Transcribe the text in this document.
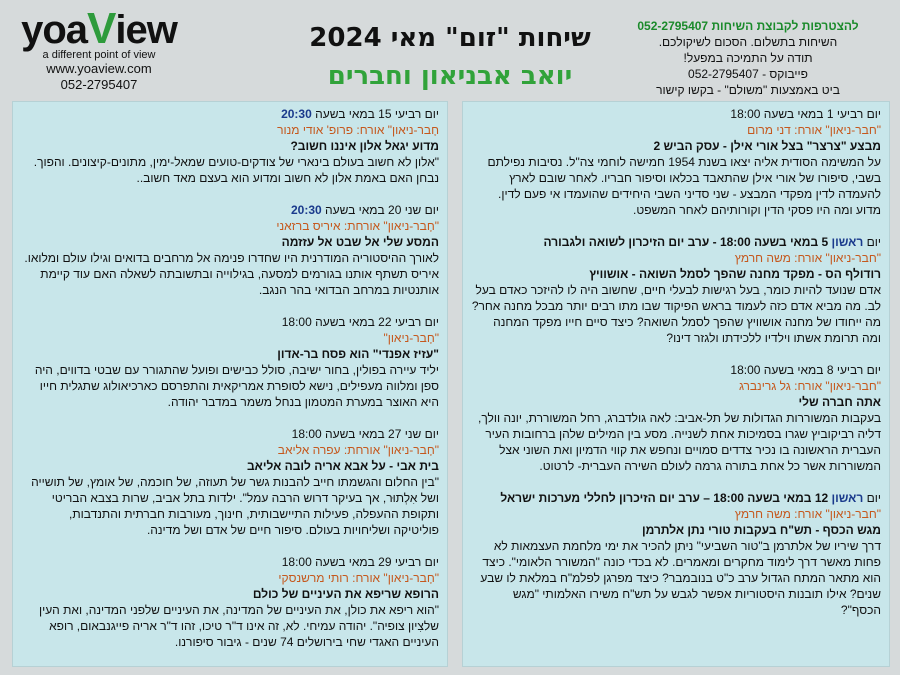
yoaView
a different point of view
www.yoaview.com
052-2795407
שיחות "זום" מאי 2024
יואב אבניאון וחברים
להצטרפות לקבוצת השיחות 052-2795407
השיחות בתשלום. הסכום לשיקולכם.
תודה על התמיכה במפעל!
פייבוקס - 052-2795407
ביט באמצעות "משולם" - בקשו קישור
יום רביעי 1 במאי בשעה 18:00
"חבר-ניאון" אורח: דני מרום
מבצע "צרצר" בצל אורי אילן - עסק הביש 2
על המשימה הסודית אליה יצאו בשנת 1954 חמישה לוחמי צה"ל. נסיבות נפילתם בשבי, סיפורו של אורי אילן שהתאבד בכלאו וסיפור חבריו. לאחר שובם לארץ להעמדה לדין מפקדי המבצע - שני סדיני השבי היחידים שהועמדו אי פעם לדין. מדוע ומה היו פסקי הדין וקורותיהם לאחר המשפט.
יום ראשון 5 במאי בשעה 18:00 - ערב יום הזיכרון לשואה ולגבורה
"חבר-ניאון" אורח: משה חרמץ
רודולף הס - מפקד מחנה שהפך לסמל השואה - אושוויץ
אדם שנועד להיות כומר, בעל רגישות לבעלי חיים, שחשוב היה לו להיזכר כאדם בעל לב. מה מביא אדם כזה לעמוד בראש הפיקוד שבו מתו רבים יותר מבכל מחנה אחר? מה ייחודו של מחנה אושוויץ שהפך לסמל השואה? כיצד סיים חייו מפקד המחנה ומה תרומת אשתו וילדיו ללכידתו ולגזר דינו?
יום רביעי 8 במאי בשעה 18:00
"חבר-ניאון" אורח: גל גרינברג
אתה חברה שלי
בעקבות המשוררות הגדולות של תל-אביב: לאה גולדברג, רחל המשוררת, יונה וולך, דליה רביקוביץ שגרו בסמיכות אחת לשנייה. מסע בין המילים שלהן ברחובות העיר העברית הראשונה בו נכיר צדדים סמויים ונחפש את קווי הדמיון ואת השוני אצל המשוררות אשר כל אחת בתורה גרמה לעולם השירה העברית- לרטוט.
יום ראשון 12 במאי בשעה 18:00 – ערב יום הזיכרון לחללי מערכות ישראל
"חבר-ניאון" אורח: משה חרמץ
מגש הכסף - תש"ח בעקבות טורי נתן אלתרמן
דרך שיריו של אלתרמן ב"טור השביעי" ניתן להכיר את ימי מלחמת העצמאות לא פחות מאשר דרך לימוד מחקרים ומאמרים. לא בכדי כונה "המשורר הלאומי". כיצד הוא מתאר המתח הגדול ערב כ"ט בנובמבר? כיצד מפרגן לפלמ"ח במלאת לו שבע שנים? אילו תובנות היסטוריות אפשר לגבש על תש"ח משירו האלמותי "מגש הכסף"?
יום רביעי 15 במאי בשעה 20:30
חָבר-ניאון" אורח: פרופ' אודי מנור
מדוע יגאל אלון איננו חשוב?
"אלון לא חשוב בעולם בינארי של צודקים-טועים שמאל-ימין, מתונים-קיצונים. והפוך. נבחן האם באמת אלון לא חשוב ומדוע הוא בעצם מאד חשוב..
יום שני 20 במאי בשעה 20:30
"חָבר-ניאון" אורחת: איריס ברזאני
המסע שלי אל שבט אל עזזמה
לאורך ההיסטוריה המודרנית היו שחדרו פנימה אל מרחבים בדואים וגילו עולם ומלואו. איריס תשתף אותנו בגורמים למסעה, בגילוייה ובתשובתה לשאלה האם עוד קיימת אותנטיות במרחב הבדואי בהר הנגב.
יום רביעי 22 במאי בשעה 18:00
"חָבר-ניאון"
"עזיז אפנדי" הוא פסח בר-אדון
יליד עיירה בפולין, בחור ישיבה, סולל כבישים ופועל שהתגורר עם שבטי בדווים, היה ספן ומלווה מעפילים, נישא לסופרת אמריקאית והתפרסם כארכיאולוג שתגלית חייו היא האוצר במערת המטמון בנחל משמר במדבר יהודה.
יום שני 27 במאי בשעה 18:00
"חָבר-ניאון" אורחת: עפרה אליאב
בית אבי - על אבא אריה לובה אליאב
"בין החלום והגשמתו חייב להבנות גשר של תעוזה, של חוכמה, של אומץ, של תושייה ושל אִלְתוּר, אך בעיקר דרוש הרבה עמל". ילדות בתל אביב, שרות בצבא הבריטי ותקופת ההעפלה, פעילות התיישבותית, חינוך, מעורבות חברתית והתנדבות, פוליטיקה ושליחויות בעולם. סיפור חיים של אדם ושל מדינה.
יום רביעי 29 במאי בשעה 18:00
"חָבר-ניאון" אורח: רותי מרשנסקי
הרופא שריפא את העיניים של כולם
"הוא ריפא את כולן, את העיניים של המדינה, את העיניים שלפני המדינה, ואת העין שלצִיון צופיה". יהודה עמיחי. לא, זה אינו ד"ר טיכו, זהו ד"ר אריה פייגנבאום, רופא העיניים האגדי שחי בירושלים 74 שנים - גיבור סיפורנו.
